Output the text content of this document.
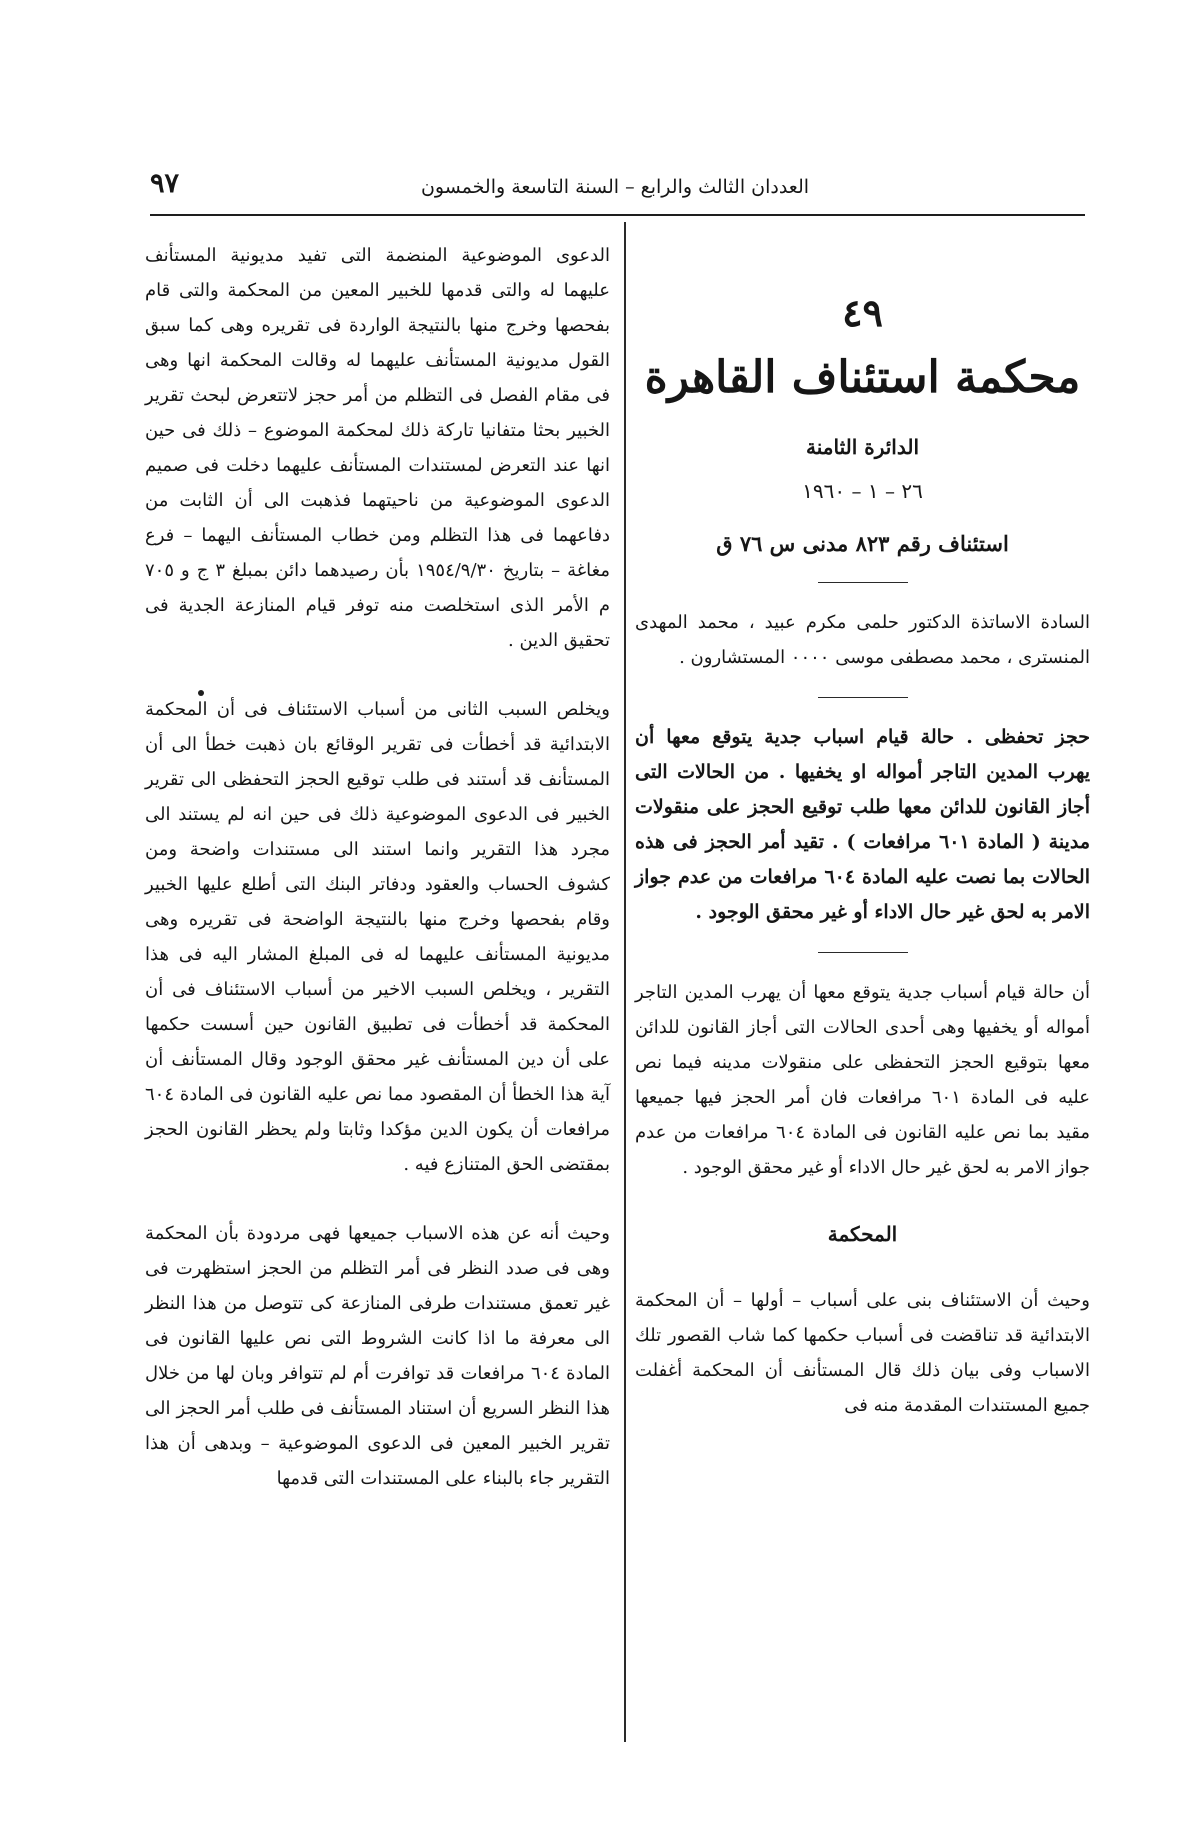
العددان الثالث والرابع – السنة التاسعة والخمسون
٩٧

٤٩

محكمة استئناف القاهرة

الدائرة الثامنة

٢٦ – ١ – ١٩٦٠

استئناف رقم ٨٢٣ مدنى س ٧٦ ق

السادة الاساتذة الدكتور حلمى مكرم عبيد ، محمد المهدى المنسترى ، محمد مصطفى موسى ٠٠٠٠ المستشارون .

حجز تحفظى . حالة قيام اسباب جدية يتوقع معها أن يهرب المدين التاجر أمواله او يخفيها . من الحالات التى أجاز القانون للدائن معها طلب توقيع الحجز على منقولات مدينة ( المادة ٦٠١ مرافعات ) . تقيد أمر الحجز فى هذه الحالات بما نصت عليه المادة ٦٠٤ مرافعات من عدم جواز الامر به لحق غير حال الاداء أو غير محقق الوجود .

أن حالة قيام أسباب جدية يتوقع معها أن يهرب المدين التاجر أمواله أو يخفيها وهى أحدى الحالات التى أجاز القانون للدائن معها بتوقيع الحجز التحفظى على منقولات مدينه فيما نص عليه فى المادة ٦٠١ مرافعات فان أمر الحجز فيها جميعها مقيد بما نص عليه القانون فى المادة ٦٠٤ مرافعات من عدم جواز الامر به لحق غير حال الاداء أو غير محقق الوجود .

المحكمة

وحيث أن الاستئناف بنى على أسباب – أولها – أن المحكمة الابتدائية قد تناقضت فى أسباب حكمها كما شاب القصور تلك الاسباب وفى بيان ذلك قال المستأنف أن المحكمة أغفلت جميع المستندات المقدمة منه فى

الدعوى الموضوعية المنضمة التى تفيد مديونية المستأنف عليهما له والتى قدمها للخبير المعين من المحكمة والتى قام بفحصها وخرج منها بالنتيجة الواردة فى تقريره وهى كما سبق القول مديونية المستأنف عليهما له وقالت المحكمة انها وهى فى مقام الفصل فى التظلم من أمر حجز لاتتعرض لبحث تقرير الخبير بحثا متفانيا تاركة ذلك لمحكمة الموضوع – ذلك فى حين انها عند التعرض لمستندات المستأنف عليهما دخلت فى صميم الدعوى الموضوعية من ناحيتهما فذهبت الى أن الثابت من دفاعهما فى هذا التظلم ومن خطاب المستأنف اليهما – فرع مغاغة – بتاريخ ١٩٥٤/٩/٣٠ بأن رصيدهما دائن بمبلغ ٣ ج و ٧٠٥ م الأمر الذى استخلصت منه توفر قيام المنازعة الجدية فى تحقيق الدين .

ويخلص السبب الثانى من أسباب الاستئناف فى أن المحكمة الابتدائية قد أخطأت فى تقرير الوقائع بان ذهبت خطأ الى أن المستأنف قد أستند فى طلب توقيع الحجز التحفظى الى تقرير الخبير فى الدعوى الموضوعية ذلك فى حين انه لم يستند الى مجرد هذا التقرير وانما استند الى مستندات واضحة ومن كشوف الحساب والعقود ودفاتر البنك التى أطلع عليها الخبير وقام بفحصها وخرج منها بالنتيجة الواضحة فى تقريره وهى مديونية المستأنف عليهما له فى المبلغ المشار اليه فى هذا التقرير ، ويخلص السبب الاخير من أسباب الاستئناف فى أن المحكمة قد أخطأت فى تطبيق القانون حين أسست حكمها على أن دين المستأنف غير محقق الوجود وقال المستأنف أن آية هذا الخطأ أن المقصود مما نص عليه القانون فى المادة ٦٠٤ مرافعات أن يكون الدين مؤكدا وثابتا ولم يحظر القانون الحجز بمقتضى الحق المتنازع فيه .

وحيث أنه عن هذه الاسباب جميعها فهى مردودة بأن المحكمة وهى فى صدد النظر فى أمر التظلم من الحجز استظهرت فى غير تعمق مستندات طرفى المنازعة كى تتوصل من هذا النظر الى معرفة ما اذا كانت الشروط التى نص عليها القانون فى المادة ٦٠٤ مرافعات قد توافرت أم لم تتوافر وبان لها من خلال هذا النظر السريع أن استناد المستأنف فى طلب أمر الحجز الى تقرير الخبير المعين فى الدعوى الموضوعية – وبدهى أن هذا التقرير جاء بالبناء على المستندات التى قدمها
